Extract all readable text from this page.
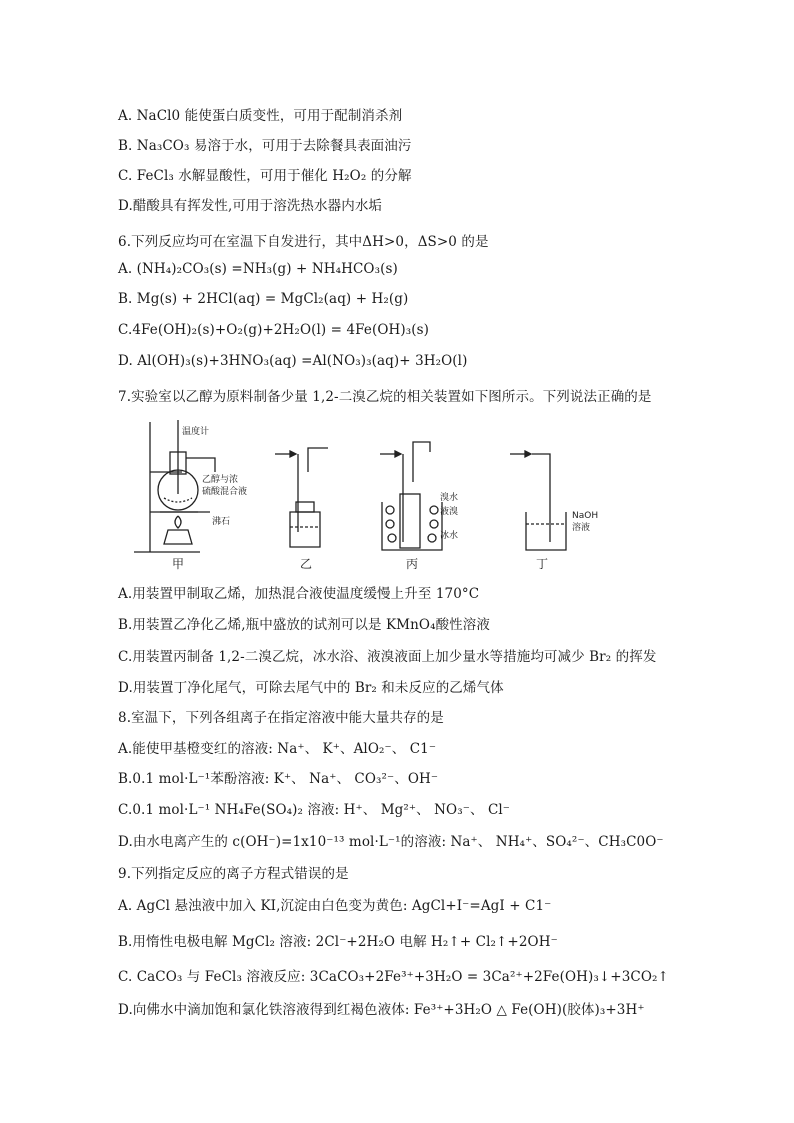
A. NaCl0 能使蛋白质变性，可用于配制消杀剂
B. Na₃CO₃ 易溶于水，可用于去除餐具表面油污
C. FeCl₃ 水解显酸性，可用于催化 H₂O₂ 的分解
D.醋酸具有挥发性,可用于溶洗热水器内水垢
6.下列反应均可在室温下自发进行，其中ΔH>0，ΔS>0 的是
A. (NH₄)₂CO₃(s) =NH₃(g) + NH₄HCO₃(s)
B. Mg(s) + 2HCl(aq) = MgCl₂(aq) + H₂(g)
C.4Fe(OH)₂(s)+O₂(g)+2H₂O(l) = 4Fe(OH)₃(s)
D. Al(OH)₃(s)+3HNO₃(aq) =Al(NO₃)₃(aq)+ 3H₂O(l)
7.实验室以乙醇为原料制备少量 1,2-二溴乙烷的相关装置如下图所示。下列说法正确的是
温度计
乙醇与浓
硫酸混合液
沸石
溴水
液溴
冰水
NaOH
溶液
甲	乙	丙	丁
A.用装置甲制取乙烯，加热混合液使温度缓慢上升至 170°C
B.用装置乙净化乙烯,瓶中盛放的试剂可以是 KMnO₄酸性溶液
C.用装置丙制备 1,2-二溴乙烷，冰水浴、液溴液面上加少量水等措施均可减少 Br₂ 的挥发
D.用装置丁净化尾气，可除去尾气中的 Br₂ 和未反应的乙烯气体
8.室温下，下列各组离子在指定溶液中能大量共存的是
A.能使甲基橙变红的溶液: Na⁺、 K⁺、AlO₂⁻、 C1⁻
B.0.1 mol·L⁻¹苯酚溶液: K⁺、 Na⁺、 CO₃²⁻、OH⁻
C.0.1 mol·L⁻¹ NH₄Fe(SO₄)₂ 溶液: H⁺、 Mg²⁺、 NO₃⁻、 Cl⁻
D.由水电离产生的 c(OH⁻)=1x10⁻¹³ mol·L⁻¹的溶液: Na⁺、 NH₄⁺、SO₄²⁻、CH₃C0O⁻
9.下列指定反应的离子方程式错误的是
A. AgCl 悬浊液中加入 KI,沉淀由白色变为黄色: AgCl+I⁻=AgI + C1⁻
B.用惰性电极电解 MgCl₂ 溶液: 2Cl⁻+2H₂O 电解 H₂↑+ Cl₂↑+2OH⁻
C. CaCO₃ 与 FeCl₃ 溶液反应: 3CaCO₃+2Fe³⁺+3H₂O = 3Ca²⁺+2Fe(OH)₃↓+3CO₂↑
D.向佛水中滴加饱和氯化铁溶液得到红褐色液体: Fe³⁺+3H₂O △ Fe(OH)(胶体)₃+3H⁺
